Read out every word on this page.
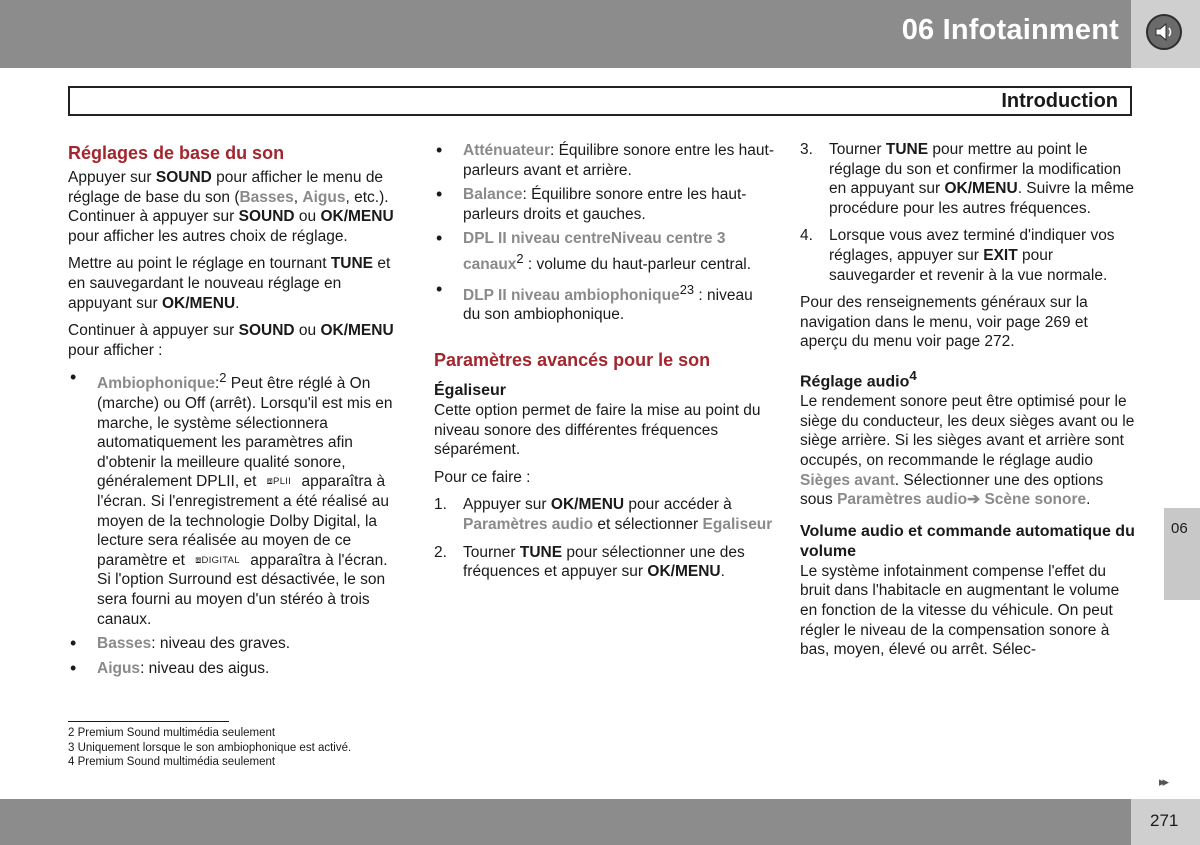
06 Infotainment
Introduction
Réglages de base du son

Appuyer sur SOUND pour afficher le menu de réglage de base du son (Basses, Aigus, etc.). Continuer à appuyer sur SOUND ou OK/MENU pour afficher les autres choix de réglage.

Mettre au point le réglage en tournant TUNE et en sauvegardant le nouveau réglage en appuyant sur OK/MENU.

Continuer à appuyer sur SOUND ou OK/MENU pour afficher :

• Ambiophonique:$^2$ Peut être réglé à On (marche) ou Off (arrêt). Lorsqu'il est mis en marche, le système sélectionnera automatiquement les paramètres afin d'obtenir la meilleure qualité sonore, généralement DPLII, et ⧈PLII apparaîtra à l'écran. Si l'enregistrement a été réalisé au moyen de la technologie Dolby Digital, la lecture sera réalisée au moyen de ce paramètre et ⧈DIGITAL apparaîtra à l'écran. Si l'option Surround est désactivée, le son sera fourni au moyen d'un stéréo à trois canaux.
• Basses: niveau des graves.
• Aigus: niveau des aigus.
• Atténuateur: Équilibre sonore entre les haut-parleurs avant et arrière.
• Balance: Équilibre sonore entre les haut-parleurs droits et gauches.
• DPL II niveau centreNiveau centre 3 canaux$^2$ : volume du haut-parleur central.
• DLP II niveau ambiophonique$^{23}$ : niveau du son ambiophonique.
Paramètres avancés pour le son
Égaliseur

Cette option permet de faire la mise au point du niveau sonore des différentes fréquences séparément.

Pour ce faire :

1. Appuyer sur OK/MENU pour accéder à Paramètres audio et sélectionner Egaliseur
2. Tourner TUNE pour sélectionner une des fréquences et appuyer sur OK/MENU.
3. Tourner TUNE pour mettre au point le réglage du son et confirmer la modification en appuyant sur OK/MENU. Suivre la même procédure pour les autres fréquences.
4. Lorsque vous avez terminé d'indiquer vos réglages, appuyer sur EXIT pour sauvegarder et revenir à la vue normale.

Pour des renseignements généraux sur la navigation dans le menu, voir page 269 et aperçu du menu voir page 272.

Réglage audio$^4$

Le rendement sonore peut être optimisé pour le siège du conducteur, les deux sièges avant ou le siège arrière. Si les sièges avant et arrière sont occupés, on recommande le réglage audio Sièges avant. Sélectionner une des options sous Paramètres audio➔ Scène sonore.

Volume audio et commande automatique du volume

Le système infotainment compense l'effet du bruit dans l'habitacle en augmentant le volume en fonction de la vitesse du véhicule. On peut régler le niveau de la compensation sonore à bas, moyen, élevé ou arrêt. Sélec-

2 Premium Sound multimédia seulement
3 Uniquement lorsque le son ambiophonique est activé.
4 Premium Sound multimédia seulement
06
▸▸
271
